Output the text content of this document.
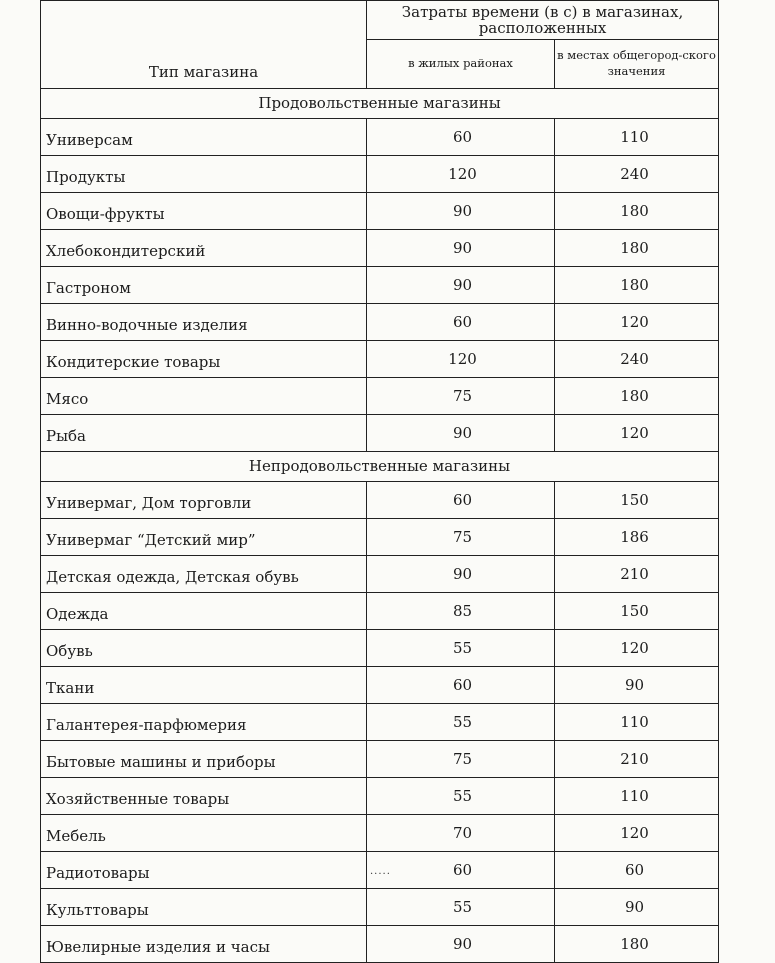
Тип магазина	Затраты времени (в с) в магазинах, расположенных	
	в жилых районах	в местах общегород-ского значения
Продовольственные магазины		
Универсам	60	110
Продукты	120	240
Овощи-фрукты	90	180
Хлебокондитерский	90	180
Гастроном	90	180
Винно-водочные изделия	60	120
Кондитерские товары	120	240
Мясо	75	180
Рыба	90	120
Непродовольственные магазины		
Универмаг, Дом торговли	60	150
Универмаг “Детский мир”	75	186
Детская одежда, Детская обувь	90	210
Одежда	85	150
Обувь	55	120
Ткани	60	90
Галантерея-парфюмерия	55	110
Бытовые машины и приборы	75	210
Хозяйственные товары	55	110
Мебель	70	120
Радиотовары	60	60
Культтовары	55	90
Ювелирные изделия и часы	90	180
.....
